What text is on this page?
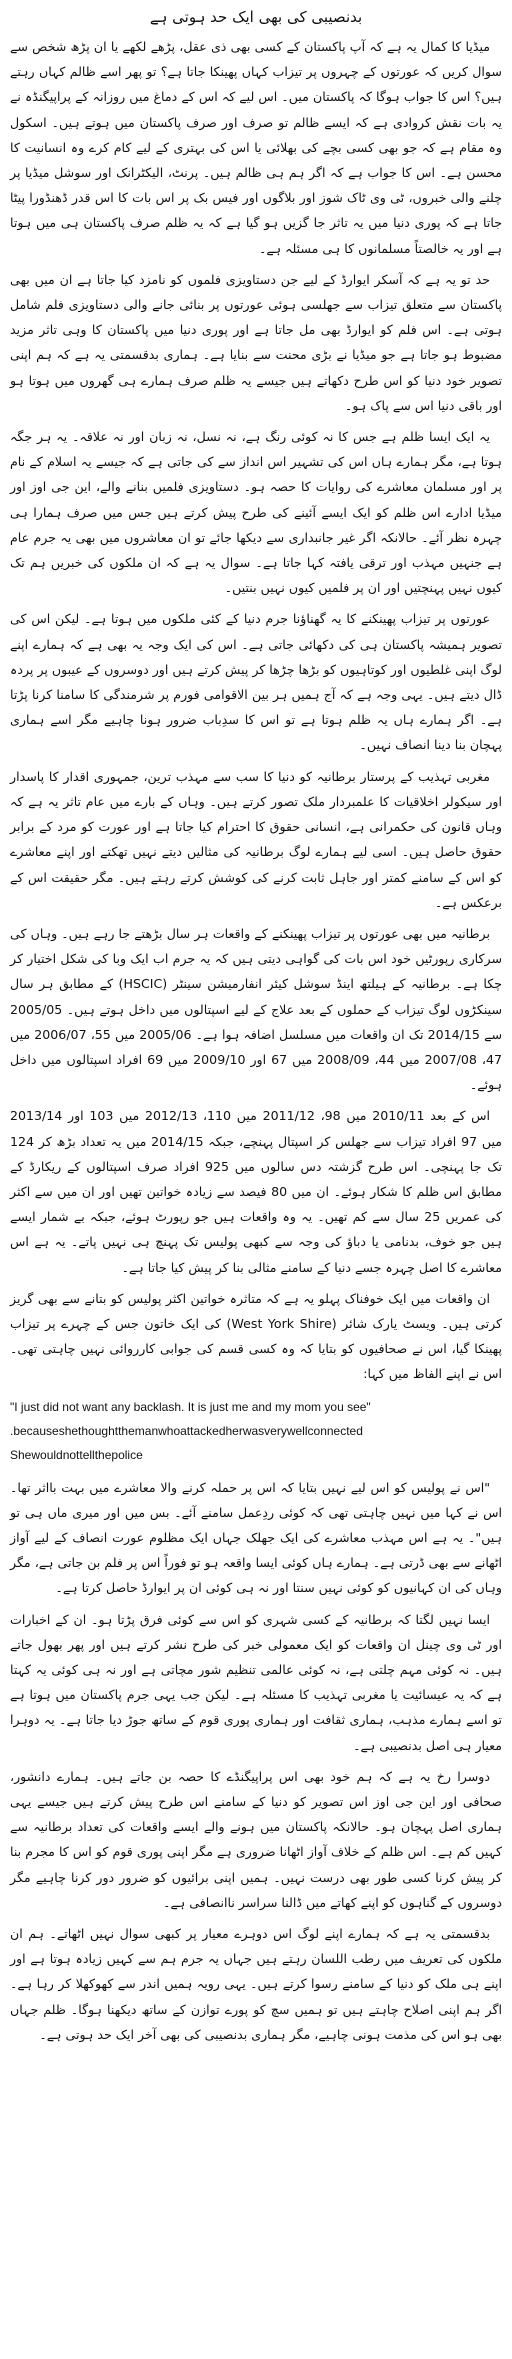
بدنصیبی کی بھی ایک حد ہوتی ہے

میڈیا کا کمال یہ ہے کہ آپ پاکستان کے کسی بھی ذی عقل، پڑھے لکھے یا ان پڑھ شخص سے سوال کریں کہ عورتوں کے چہروں پر تیزاب کہاں پھینکا جاتا ہے؟ تو پھر اسے ظالم کہاں رہتے ہیں؟ اس کا جواب ہوگا کہ پاکستان میں۔ اس لیے کہ اس کے دماغ میں روزانہ کے پراپیگنڈہ نے یہ بات نقش کروادی ہے کہ ایسے ظالم تو صرف اور صرف پاکستان میں ہوتے ہیں۔ اسکول وہ مقام ہے کہ جو بھی کسی بچے کی بھلائی یا اس کی بہتری کے لیے کام کرے وہ انسانیت کا محسن ہے۔ اس کا جواب ہے کہ اگر ہم ہی ظالم ہیں۔ پرنٹ، الیکٹرانک اور سوشل میڈیا پر چلنے والی خبروں، ٹی وی ٹاک شوز اور بلاگوں اور فیس بک پر اس بات کا اس قدر ڈھنڈورا پیٹا جاتا ہے کہ پوری دنیا میں یہ تاثر جا گزیں ہو گیا ہے کہ یہ ظلم صرف پاکستان ہی میں ہوتا ہے اور یہ خالصتاً مسلمانوں کا ہی مسئلہ ہے۔

حد تو یہ ہے کہ آسکر ایوارڈ کے لیے جن دستاویزی فلموں کو نامزد کیا جاتا ہے ان میں بھی پاکستان سے متعلق تیزاب سے جھلسی ہوئی عورتوں پر بنائی جانے والی دستاویزی فلم شامل ہوتی ہے۔ اس فلم کو ایوارڈ بھی مل جاتا ہے اور پوری دنیا میں پاکستان کا وہی تاثر مزید مضبوط ہو جاتا ہے جو میڈیا نے بڑی محنت سے بنایا ہے۔ ہماری بدقسمتی یہ ہے کہ ہم اپنی تصویر خود دنیا کو اس طرح دکھاتے ہیں جیسے یہ ظلم صرف ہمارے ہی گھروں میں ہوتا ہو اور باقی دنیا اس سے پاک ہو۔

یہ ایک ایسا ظلم ہے جس کا نہ کوئی رنگ ہے، نہ نسل، نہ زبان اور نہ علاقہ۔ یہ ہر جگہ ہوتا ہے، مگر ہمارے ہاں اس کی تشہیر اس انداز سے کی جاتی ہے کہ جیسے یہ اسلام کے نام پر اور مسلمان معاشرے کی روایات کا حصہ ہو۔ دستاویزی فلمیں بنانے والے، این جی اوز اور میڈیا ادارے اس ظلم کو ایک ایسے آئینے کی طرح پیش کرتے ہیں جس میں صرف ہمارا ہی چہرہ نظر آئے۔ حالانکہ اگر غیر جانبداری سے دیکھا جائے تو ان معاشروں میں بھی یہ جرم عام ہے جنہیں مہذب اور ترقی یافتہ کہا جاتا ہے۔ سوال یہ ہے کہ ان ملکوں کی خبریں ہم تک کیوں نہیں پہنچتیں اور ان پر فلمیں کیوں نہیں بنتیں۔

عورتوں پر تیزاب پھینکنے کا یہ گھناؤنا جرم دنیا کے کئی ملکوں میں ہوتا ہے۔ لیکن اس کی تصویر ہمیشہ پاکستان ہی کی دکھائی جاتی ہے۔ اس کی ایک وجہ یہ بھی ہے کہ ہمارے اپنے لوگ اپنی غلطیوں اور کوتاہیوں کو بڑھا چڑھا کر پیش کرتے ہیں اور دوسروں کے عیبوں پر پردہ ڈال دیتے ہیں۔ یہی وجہ ہے کہ آج ہمیں ہر بین الاقوامی فورم پر شرمندگی کا سامنا کرنا پڑتا ہے۔ اگر ہمارے ہاں یہ ظلم ہوتا ہے تو اس کا سدِباب ضرور ہونا چاہیے مگر اسے ہماری پہچان بنا دینا انصاف نہیں۔

مغربی تہذیب کے پرستار برطانیہ کو دنیا کا سب سے مہذب ترین، جمہوری اقدار کا پاسدار اور سیکولر اخلاقیات کا علمبردار ملک تصور کرتے ہیں۔ وہاں کے بارے میں عام تاثر یہ ہے کہ وہاں قانون کی حکمرانی ہے، انسانی حقوق کا احترام کیا جاتا ہے اور عورت کو مرد کے برابر حقوق حاصل ہیں۔ اسی لیے ہمارے لوگ برطانیہ کی مثالیں دیتے نہیں تھکتے اور اپنے معاشرے کو اس کے سامنے کمتر اور جاہل ثابت کرنے کی کوشش کرتے رہتے ہیں۔ مگر حقیقت اس کے برعکس ہے۔

برطانیہ میں بھی عورتوں پر تیزاب پھینکنے کے واقعات ہر سال بڑھتے جا رہے ہیں۔ وہاں کی سرکاری رپورٹیں خود اس بات کی گواہی دیتی ہیں کہ یہ جرم اب ایک وبا کی شکل اختیار کر چکا ہے۔ برطانیہ کے ہیلتھ اینڈ سوشل کیئر انفارمیشن سینٹر (HSCIC) کے مطابق ہر سال سینکڑوں لوگ تیزاب کے حملوں کے بعد علاج کے لیے اسپتالوں میں داخل ہوتے ہیں۔ 2005/05 سے 2014/15 تک ان واقعات میں مسلسل اضافہ ہوا ہے۔ 2005/06 میں 55، 2006/07 میں 47، 2007/08 میں 44، 2008/09 میں 67 اور 2009/10 میں 69 افراد اسپتالوں میں داخل ہوئے۔

اس کے بعد 2010/11 میں 98، 2011/12 میں 110، 2012/13 میں 103 اور 2013/14 میں 97 افراد تیزاب سے جھلس کر اسپتال پہنچے، جبکہ 2014/15 میں یہ تعداد بڑھ کر 124 تک جا پہنچی۔ اس طرح گزشتہ دس سالوں میں 925 افراد صرف اسپتالوں کے ریکارڈ کے مطابق اس ظلم کا شکار ہوئے۔ ان میں 80 فیصد سے زیادہ خواتین تھیں اور ان میں سے اکثر کی عمریں 25 سال سے کم تھیں۔ یہ وہ واقعات ہیں جو رپورٹ ہوئے، جبکہ بے شمار ایسے ہیں جو خوف، بدنامی یا دباؤ کی وجہ سے کبھی پولیس تک پہنچ ہی نہیں پاتے۔ یہ ہے اس معاشرے کا اصل چہرہ جسے دنیا کے سامنے مثالی بنا کر پیش کیا جاتا ہے۔

ان واقعات میں ایک خوفناک پہلو یہ ہے کہ متاثرہ خواتین اکثر پولیس کو بتانے سے بھی گریز کرتی ہیں۔ ویسٹ یارک شائر (West York Shire) کی ایک خاتون جس کے چہرے پر تیزاب پھینکا گیا، اس نے صحافیوں کو بتایا کہ وہ کسی قسم کی جوابی کارروائی نہیں چاہتی تھی۔ اس نے اپنے الفاظ میں کہا:

"I just did not want any backlash. It is just me and my mom you see"
.becauseshethoughtthemanwhoattackedherwasverywellconnected
Shewouldnottellthepolice

"اس نے پولیس کو اس لیے نہیں بتایا کہ اس پر حملہ کرنے والا معاشرے میں بہت بااثر تھا۔ اس نے کہا میں نہیں چاہتی تھی کہ کوئی ردِعمل سامنے آئے۔ بس میں اور میری ماں ہی تو ہیں"۔ یہ ہے اس مہذب معاشرے کی ایک جھلک جہاں ایک مظلوم عورت انصاف کے لیے آواز اٹھانے سے بھی ڈرتی ہے۔ ہمارے ہاں کوئی ایسا واقعہ ہو تو فوراً اس پر فلم بن جاتی ہے، مگر وہاں کی ان کہانیوں کو کوئی نہیں سنتا اور نہ ہی کوئی ان پر ایوارڈ حاصل کرتا ہے۔

ایسا نہیں لگتا کہ برطانیہ کے کسی شہری کو اس سے کوئی فرق پڑتا ہو۔ ان کے اخبارات اور ٹی وی چینل ان واقعات کو ایک معمولی خبر کی طرح نشر کرتے ہیں اور پھر بھول جاتے ہیں۔ نہ کوئی مہم چلتی ہے، نہ کوئی عالمی تنظیم شور مچاتی ہے اور نہ ہی کوئی یہ کہتا ہے کہ یہ عیسائیت یا مغربی تہذیب کا مسئلہ ہے۔ لیکن جب یہی جرم پاکستان میں ہوتا ہے تو اسے ہمارے مذہب، ہماری ثقافت اور ہماری پوری قوم کے ساتھ جوڑ دیا جاتا ہے۔ یہ دوہرا معیار ہی اصل بدنصیبی ہے۔

دوسرا رخ یہ ہے کہ ہم خود بھی اس پراپیگنڈے کا حصہ بن جاتے ہیں۔ ہمارے دانشور، صحافی اور این جی اوز اس تصویر کو دنیا کے سامنے اس طرح پیش کرتے ہیں جیسے یہی ہماری اصل پہچان ہو۔ حالانکہ پاکستان میں ہونے والے ایسے واقعات کی تعداد برطانیہ سے کہیں کم ہے۔ اس ظلم کے خلاف آواز اٹھانا ضروری ہے مگر اپنی پوری قوم کو اس کا مجرم بنا کر پیش کرنا کسی طور بھی درست نہیں۔ ہمیں اپنی برائیوں کو ضرور دور کرنا چاہیے مگر دوسروں کے گناہوں کو اپنے کھاتے میں ڈالنا سراسر ناانصافی ہے۔

بدقسمتی یہ ہے کہ ہمارے اپنے لوگ اس دوہرے معیار پر کبھی سوال نہیں اٹھاتے۔ ہم ان ملکوں کی تعریف میں رطب اللسان رہتے ہیں جہاں یہ جرم ہم سے کہیں زیادہ ہوتا ہے اور اپنے ہی ملک کو دنیا کے سامنے رسوا کرتے ہیں۔ یہی رویہ ہمیں اندر سے کھوکھلا کر رہا ہے۔ اگر ہم اپنی اصلاح چاہتے ہیں تو ہمیں سچ کو پورے توازن کے ساتھ دیکھنا ہوگا۔ ظلم جہاں بھی ہو اس کی مذمت ہونی چاہیے، مگر ہماری بدنصیبی کی بھی آخر ایک حد ہوتی ہے۔
